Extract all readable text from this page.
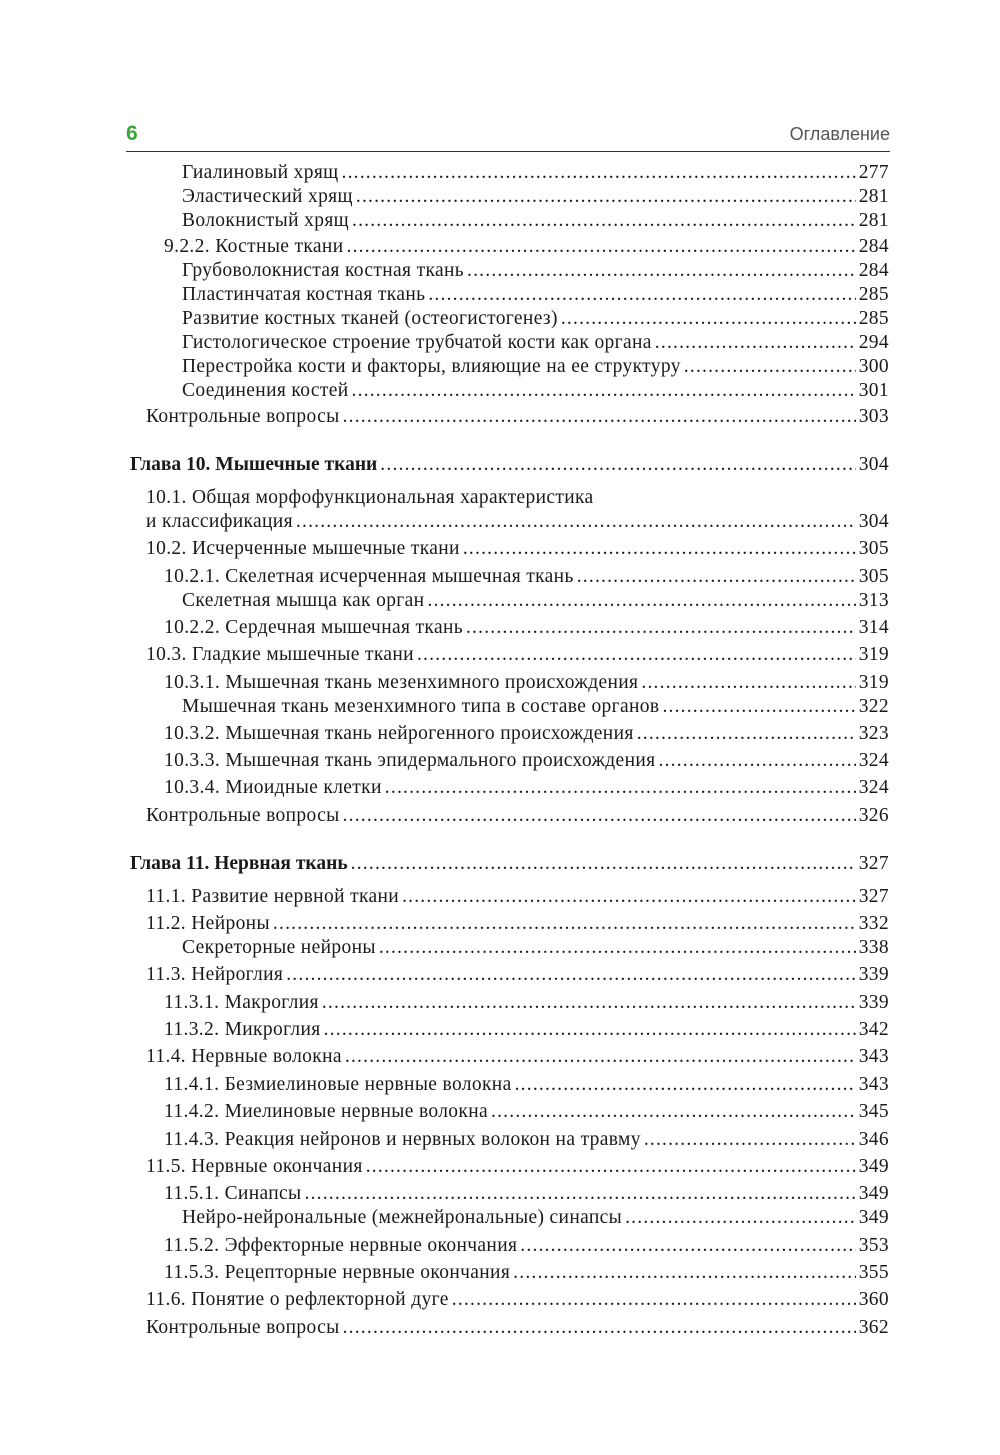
6	Оглавление
Гиалиновый хрящ .....	277
Эластический хрящ .....	281
Волокнистый хрящ .....	281
9.2.2. Костные ткани .....	284
Грубоволокнистая костная ткань .....	284
Пластинчатая костная ткань .....	285
Развитие костных тканей (остеогистогенез) .....	285
Гистологическое строение трубчатой кости как органа .....	294
Перестройка кости и факторы, влияющие на ее структуру .....	300
Соединения костей .....	301
Контрольные вопросы .....	303
Глава 10. Мышечные ткани .....	304
10.1. Общая морфофункциональная характеристика
и классификация .....	304
10.2. Исчерченные мышечные ткани .....	305
10.2.1. Скелетная исчерченная мышечная ткань .....	305
Скелетная мышца как орган .....	313
10.2.2. Сердечная мышечная ткань .....	314
10.3. Гладкие мышечные ткани .....	319
10.3.1. Мышечная ткань мезенхимного происхождения .....	319
Мышечная ткань мезенхимного типа в составе органов .....	322
10.3.2. Мышечная ткань нейрогенного происхождения .....	323
10.3.3. Мышечная ткань эпидермального происхождения .....	324
10.3.4. Миоидные клетки .....	324
Контрольные вопросы .....	326
Глава 11. Нервная ткань .....	327
11.1. Развитие нервной ткани .....	327
11.2. Нейроны .....	332
Секреторные нейроны .....	338
11.3. Нейроглия .....	339
11.3.1. Макроглия .....	339
11.3.2. Микроглия .....	342
11.4. Нервные волокна .....	343
11.4.1. Безмиелиновые нервные волокна .....	343
11.4.2. Миелиновые нервные волокна .....	345
11.4.3. Реакция нейронов и нервных волокон на травму .....	346
11.5. Нервные окончания .....	349
11.5.1. Синапсы .....	349
Нейро-нейрональные (межнейрональные) синапсы .....	349
11.5.2. Эффекторные нервные окончания .....	353
11.5.3. Рецепторные нервные окончания .....	355
11.6. Понятие о рефлекторной дуге .....	360
Контрольные вопросы .....	362
